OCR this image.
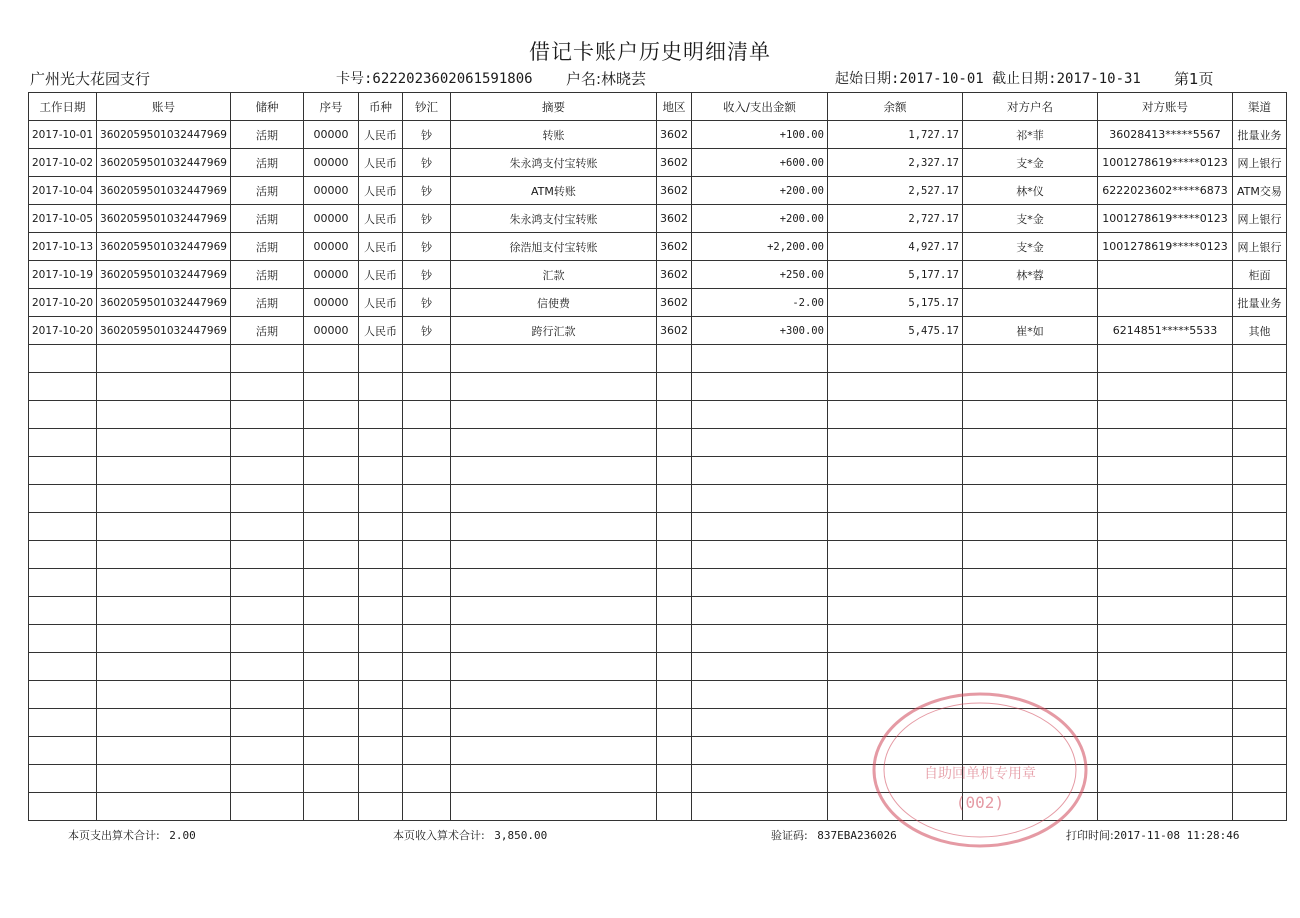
借记卡账户历史明细清单
广州光大花园支行	卡号:6222023602061591806 户名:林晓芸	起始日期:2017-10-01 截止日期:2017-10-31 第1页
工作日期	账号	储种	序号	币种	钞汇	摘要	地区	收入/支出金额	余额	对方户名	对方账号	渠道
2017-10-01	36020595010324479​69	活期	00000	人民币	钞	转账	3602	+100.00	1,727.17	祁*菲	36028413*****5567	批量业务
2017-10-02	3602059501032447969	活期	00000	人民币	钞	朱永鸿支付宝转账	3602	+600.00	2,327.17	支*金	1001278619*****0123	网上银行
2017-10-04	3602059501032447969	活期	00000	人民币	钞	ATM转账	3602	+200.00	2,527.17	林*仪	6222023602*****6873	ATM交易
2017-10-05	3602059501032447969	活期	00000	人民币	钞	朱永鸿支付宝转账	3602	+200.00	2,727.17	支*金	1001278619*****0123	网上银行
2017-10-13	3602059501032447969	活期	00000	人民币	钞	徐浩旭支付宝转账	3602	+2,200.00	4,927.17	支*金	1001278619*****0123	网上银行
2017-10-19	3602059501032447969	活期	00000	人民币	钞	汇款	3602	+250.00	5,177.17	林*蓉		柜面
2017-10-20	3602059501032447969	活期	00000	人民币	钞	信使费	3602	-2.00	5,175.17			批量业务
2017-10-20	3602059501032447969	活期	00000	人民币	钞	跨行汇款	3602	+300.00	5,475.17	崔*如	6214851*****5533	其他

本页支出算术合计: 2.00	本页收入算术合计: 3,850.00	验证码: 837EBA236026	打印时间:2017-11-08 11:28:46
自助回单机专用章
(002)
